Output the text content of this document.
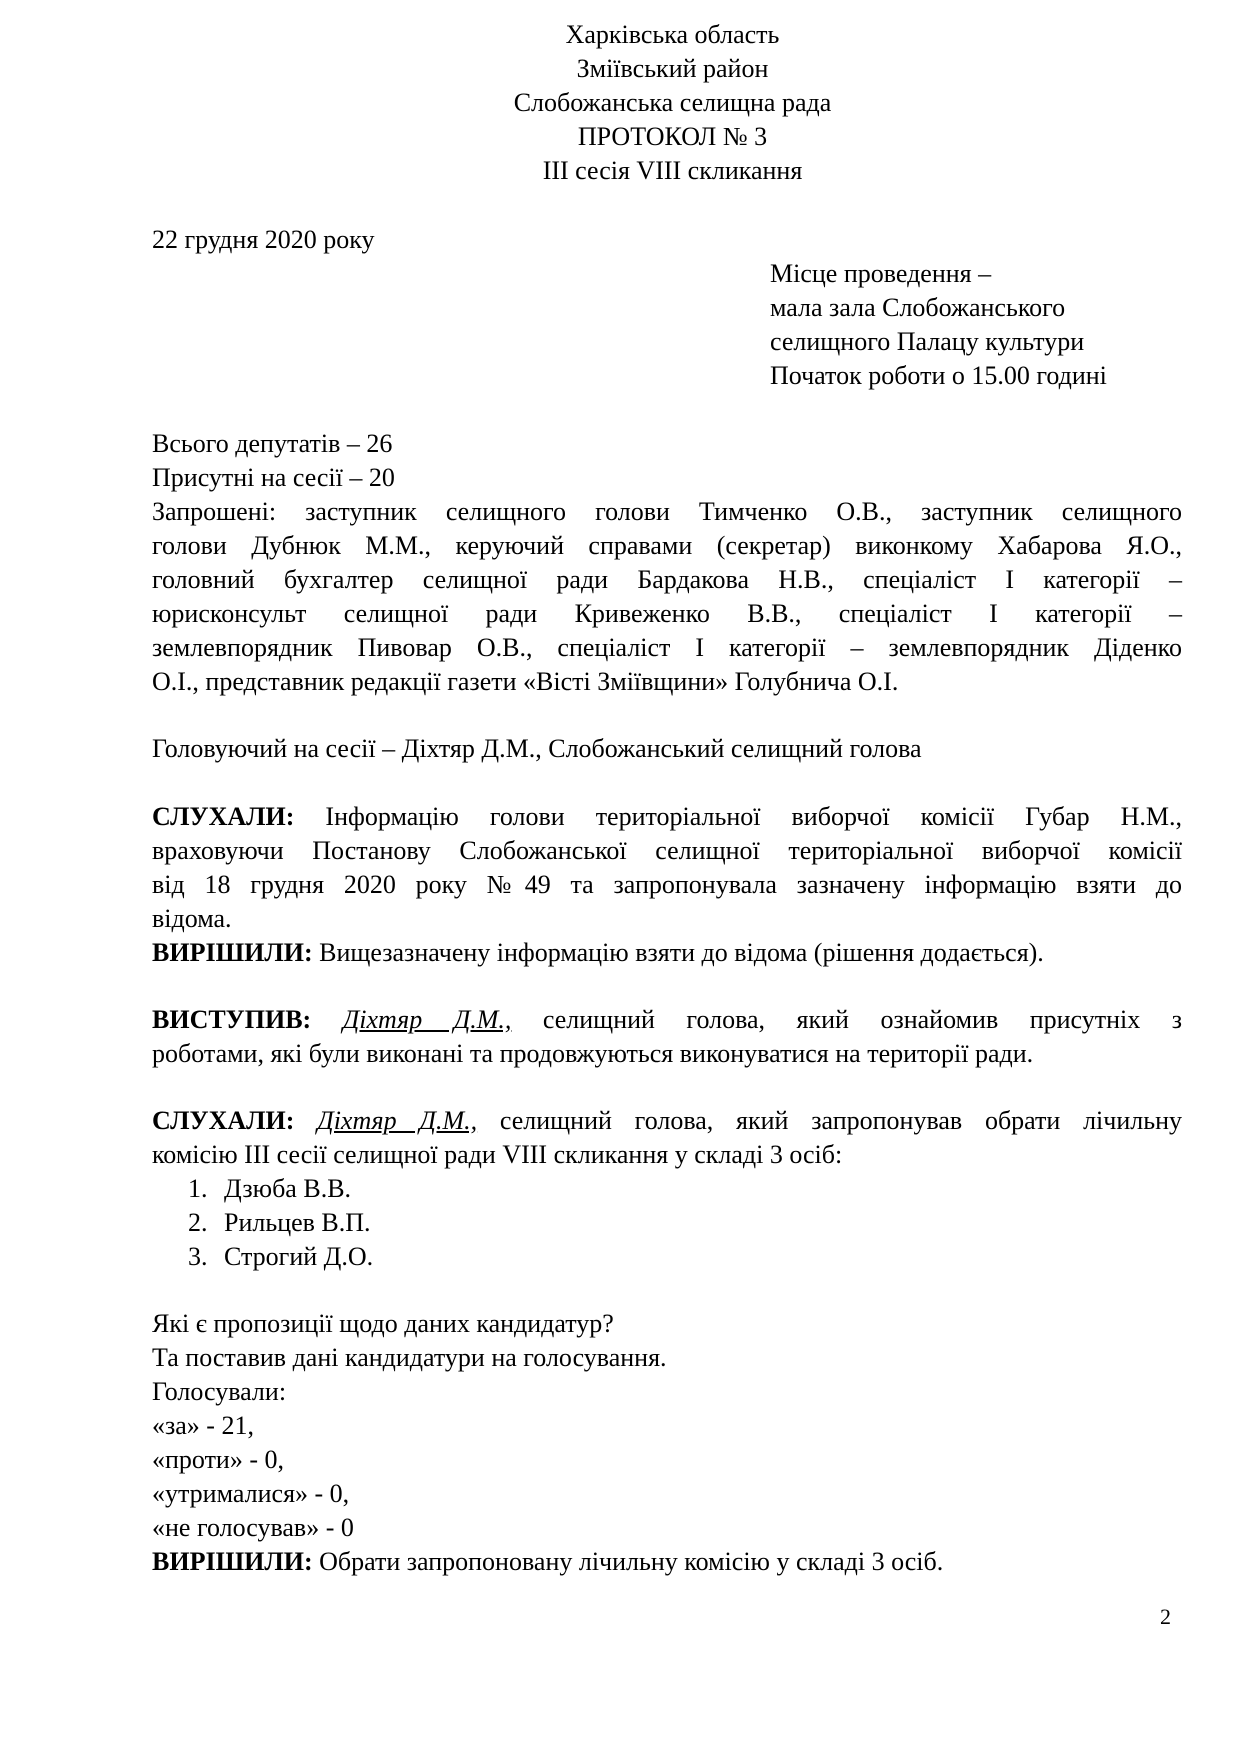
Харківська область
Зміївський район
Слобожанська селищна рада
ПРОТОКОЛ № 3
ІІІ сесія VIII скликання
22 грудня 2020 року
Місце проведення –
мала зала Слобожанського
селищного Палацу культури
Початок роботи о 15.00 годині
Всього депутатів – 26
Присутні на сесії – 20
Запрошені: заступник селищного голови Тимченко О.В., заступник селищного
голови Дубнюк М.М., керуючий справами (секретар) виконкому Хабарова Я.О.,
головний бухгалтер селищної ради Бардакова Н.В., спеціаліст І категорії –
юрисконсульт селищної ради Кривеженко В.В., спеціаліст І категорії –
землевпорядник Пивовар О.В., спеціаліст І категорії – землевпорядник Діденко
О.І., представник редакції газети «Вісті Зміївщини» Голубнича О.І.
Головуючий на сесії – Діхтяр Д.М., Слобожанський селищний голова
СЛУХАЛИ: Інформацію голови територіальної виборчої комісії Губар Н.М.,
враховуючи Постанову Слобожанської селищної територіальної виборчої комісії
від 18 грудня 2020 року №49 та запропонувала зазначену інформацію взяти до
відома.
ВИРІШИЛИ: Вищезазначену інформацію взяти до відома (рішення додається).
ВИСТУПИВ: Діхтяр Д.М., селищний голова, який ознайомив присутніх з
роботами, які були виконані та продовжуються виконуватися на території ради.
СЛУХАЛИ: Діхтяр Д.М., селищний голова, який запропонував обрати лічильну
комісію ІІІ сесії селищної ради VIII скликання у складі 3 осіб:
1. Дзюба В.В.
2. Рильцев В.П.
3. Строгий Д.О.
Які є пропозиції щодо даних кандидатур?
Та поставив дані кандидатури на голосування.
Голосували:
«за» - 21,
«проти» - 0,
«утрималися» - 0,
«не голосував» - 0
ВИРІШИЛИ: Обрати запропоновану лічильну комісію у складі 3 осіб.
2
